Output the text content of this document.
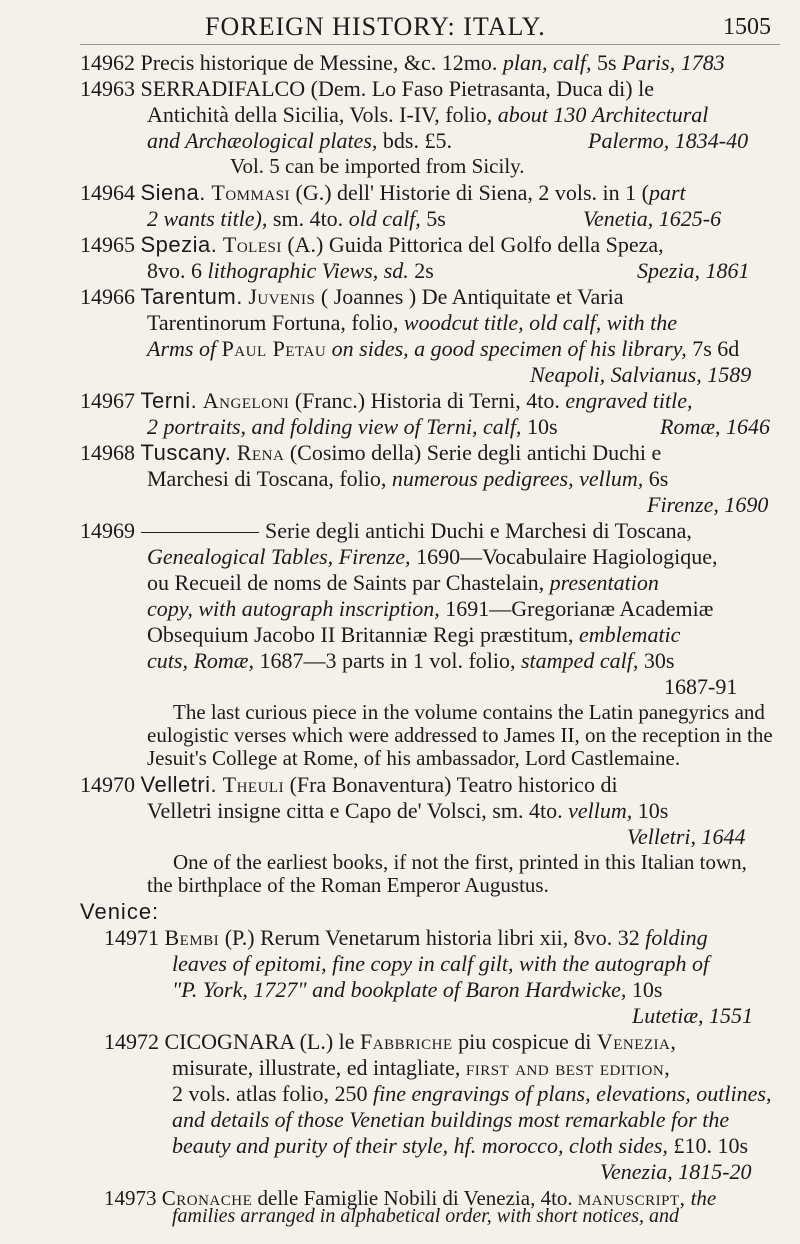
FOREIGN HISTORY: ITALY.	1505
14962 Precis historique de Messine, &c. 12mo. plan, calf, 5s Paris, 1783
14963 SERRADIFALCO (Dem. Lo Faso Pietrasanta, Duca di) le
Antichità della Sicilia, Vols. I-IV, folio, about 130 Architectural
and Archæological plates, bds. £5.	Palermo, 1834-40
Vol. 5 can be imported from Sicily.
14964 Siena. Tommasi (G.) dell' Historie di Siena, 2 vols. in 1 (part
2 wants title), sm. 4to. old calf, 5s	Venetia, 1625-6
14965 Spezia. Tolesi (A.) Guida Pittorica del Golfo della Speza,
8vo. 6 lithographic Views, sd. 2s	Spezia, 1861
14966 Tarentum. Juvenis ( Joannes ) De Antiquitate et Varia
Tarentinorum Fortuna, folio, woodcut title, old calf, with the
Arms of Paul Petau on sides, a good specimen of his library, 7s 6d
Neapoli, Salvianus, 1589
14967 Terni. Angeloni (Franc.) Historia di Terni, 4to. engraved title,
2 portraits, and folding view of Terni, calf, 10s	Romæ, 1646
14968 Tuscany. Rena (Cosimo della) Serie degli antichi Duchi e
Marchesi di Toscana, folio, numerous pedigrees, vellum, 6s
Firenze, 1690
14969	Serie degli antichi Duchi e Marchesi di Toscana,
Genealogical Tables, Firenze, 1690—Vocabulaire Hagiologique,
ou Recueil de noms de Saints par Chastelain, presentation
copy, with autograph inscription, 1691—Gregorianæ Academiæ
Obsequium Jacobo II Britanniæ Regi præstitum, emblematic
cuts, Romæ, 1687—3 parts in 1 vol. folio, stamped calf, 30s
1687-91
The last curious piece in the volume contains the Latin panegyrics and
eulogistic verses which were addressed to James II, on the reception in the
Jesuit's College at Rome, of his ambassador, Lord Castlemaine.
14970 Velletri. Theuli (Fra Bonaventura) Teatro historico di
Velletri insigne citta e Capo de' Volsci, sm. 4to. vellum, 10s
Velletri, 1644
One of the earliest books, if not the first, printed in this Italian town,
the birthplace of the Roman Emperor Augustus.
Venice:
14971 Bembi (P.) Rerum Venetarum historia libri xii, 8vo. 32 folding
leaves of epitomi, fine copy in calf gilt, with the autograph of
"P. York, 1727" and bookplate of Baron Hardwicke, 10s
Lutetiæ, 1551
14972 CICOGNARA (L.) le Fabbriche piu cospicue di Venezia,
misurate, illustrate, ed intagliate, first and best edition,
2 vols. atlas folio, 250 fine engravings of plans, elevations, outlines,
and details of those Venetian buildings most remarkable for the
beauty and purity of their style, hf. morocco, cloth sides, £10. 10s
Venezia, 1815-20
14973 Cronache delle Famiglie Nobili di Venezia, 4to. manuscript, the
families arranged in alphabetical order, with short notices, and
